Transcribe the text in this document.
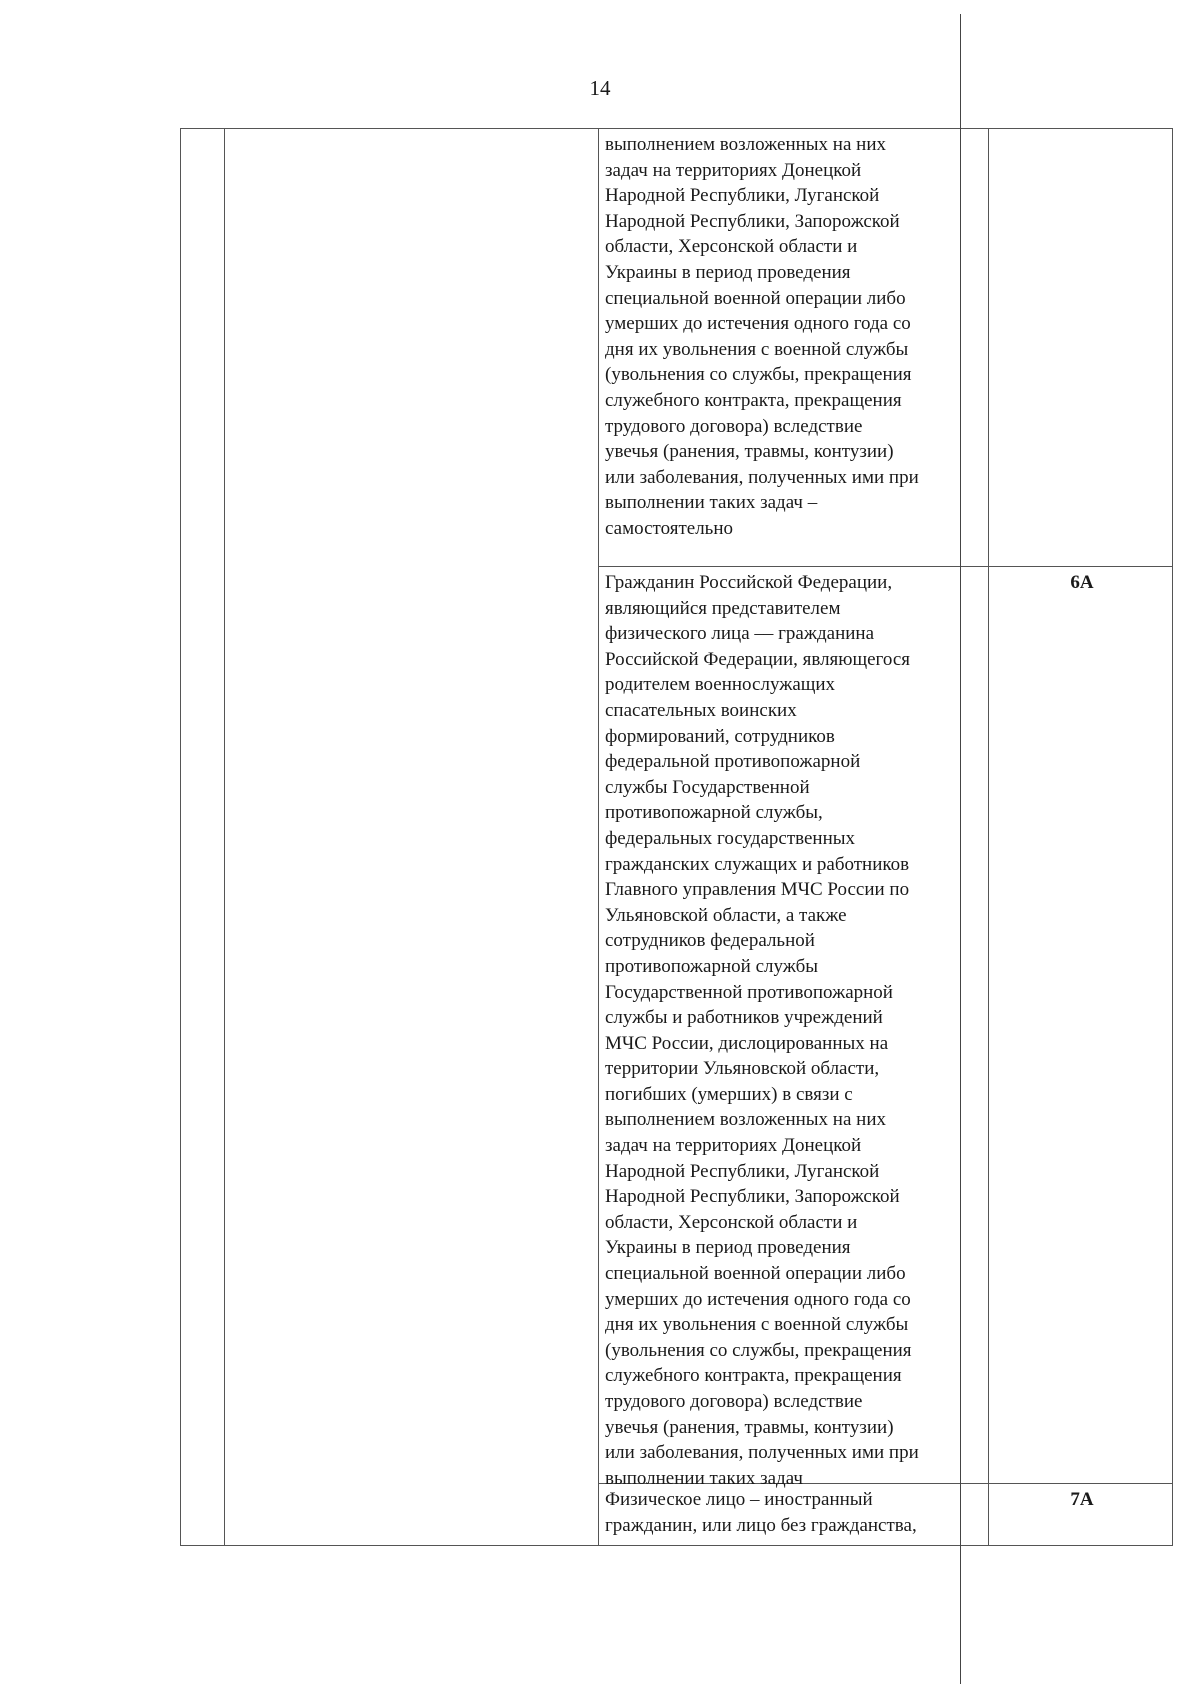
14

выполнением возложенных на них
задач на территориях Донецкой
Народной Республики, Луганской
Народной Республики, Запорожской
области, Херсонской области и
Украины в период проведения
специальной военной операции либо
умерших до истечения одного года со
дня их увольнения с военной службы
(увольнения со службы, прекращения
служебного контракта, прекращения
трудового договора) вследствие
увечья (ранения, травмы, контузии)
или заболевания, полученных ими при
выполнении таких задач –
самостоятельно

Гражданин Российской Федерации,
являющийся представителем
физического лица –– гражданина
Российской Федерации, являющегося
родителем военнослужащих
спасательных воинских
формирований, сотрудников
федеральной противопожарной
службы Государственной
противопожарной службы,
федеральных государственных
гражданских служащих и работников
Главного управления МЧС России по
Ульяновской области, а также
сотрудников федеральной
противопожарной службы
Государственной противопожарной
службы и работников учреждений
МЧС России, дислоцированных на
территории Ульяновской области,
погибших (умерших) в связи с
выполнением возложенных на них
задач на территориях Донецкой
Народной Республики, Луганской
Народной Республики, Запорожской
области, Херсонской области и
Украины в период проведения
специальной военной операции либо
умерших до истечения одного года со
дня их увольнения с военной службы
(увольнения со службы, прекращения
служебного контракта, прекращения
трудового договора) вследствие
увечья (ранения, травмы, контузии)
или заболевания, полученных ими при
выполнении таких задач

6А

Физическое лицо – иностранный
гражданин, или лицо без гражданства,

7А
